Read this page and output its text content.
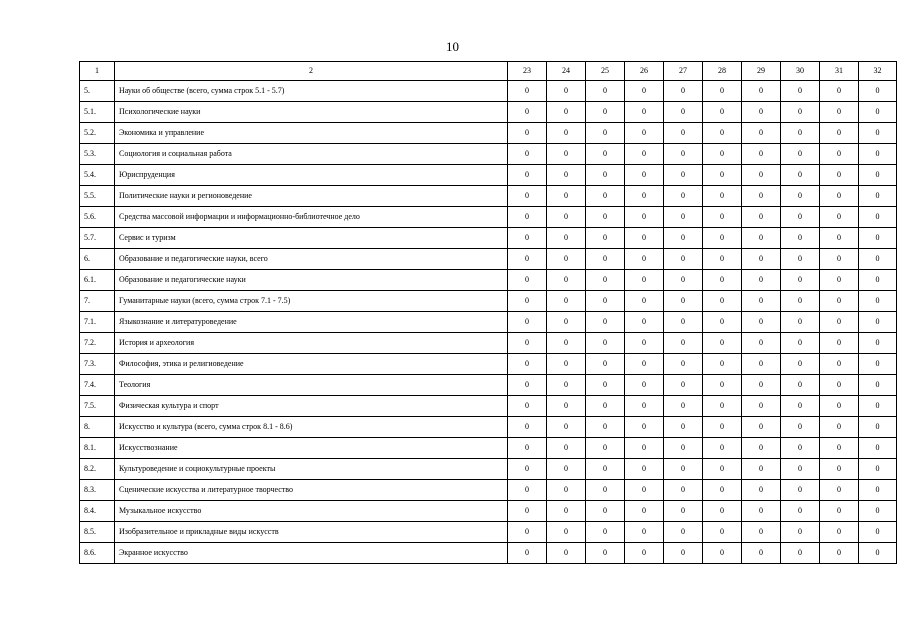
10
1	2	23	24	25	26	27	28	29	30	31	32
5.	Науки об обществе (всего, сумма строк 5.1 - 5.7)	0	0	0	0	0	0	0	0	0	0
5.1.	Психологические науки	0	0	0	0	0	0	0	0	0	0
5.2.	Экономика и управление	0	0	0	0	0	0	0	0	0	0
5.3.	Социология и социальная работа	0	0	0	0	0	0	0	0	0	0
5.4.	Юриспруденция	0	0	0	0	0	0	0	0	0	0
5.5.	Политические науки и регионоведение	0	0	0	0	0	0	0	0	0	0
5.6.	Средства массовой информации и информационно-библиотечное дело	0	0	0	0	0	0	0	0	0	0
5.7.	Сервис и туризм	0	0	0	0	0	0	0	0	0	0
6.	Образование и педагогические науки, всего	0	0	0	0	0	0	0	0	0	0
6.1.	Образование и педагогические науки	0	0	0	0	0	0	0	0	0	0
7.	Гуманитарные науки (всего, сумма строк 7.1 - 7.5)	0	0	0	0	0	0	0	0	0	0
7.1.	Языкознание и литературоведение	0	0	0	0	0	0	0	0	0	0
7.2.	История и археология	0	0	0	0	0	0	0	0	0	0
7.3.	Философия, этика и религиоведение	0	0	0	0	0	0	0	0	0	0
7.4.	Теология	0	0	0	0	0	0	0	0	0	0
7.5.	Физическая культура и спорт	0	0	0	0	0	0	0	0	0	0
8.	Искусство и культура (всего, сумма строк 8.1 - 8.6)	0	0	0	0	0	0	0	0	0	0
8.1.	Искусствознание	0	0	0	0	0	0	0	0	0	0
8.2.	Культуроведение и социокультурные проекты	0	0	0	0	0	0	0	0	0	0
8.3.	Сценические искусства и литературное творчество	0	0	0	0	0	0	0	0	0	0
8.4.	Музыкальное искусство	0	0	0	0	0	0	0	0	0	0
8.5.	Изобразительное и прикладные виды искусств	0	0	0	0	0	0	0	0	0	0
8.6.	Экранное искусство	0	0	0	0	0	0	0	0	0	0
